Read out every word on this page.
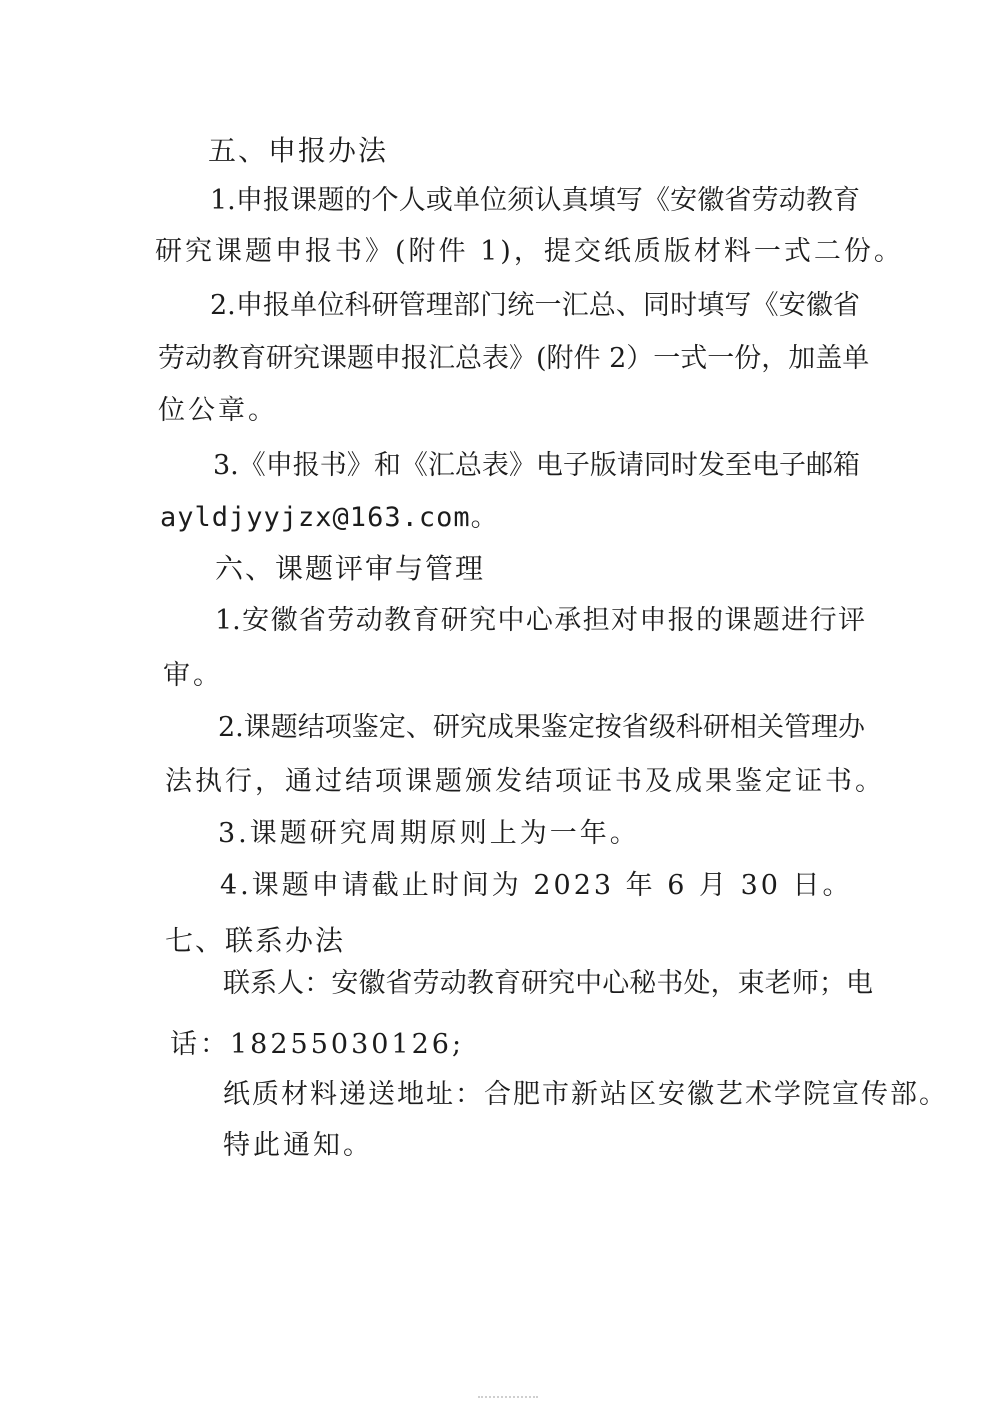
五、申报办法
1.申报课题的个人或单位须认真填写《安徽省劳动教育
研究课题申报书》(附件 1)，提交纸质版材料一式二份。
2.申报单位科研管理部门统一汇总、同时填写《安徽省
劳动教育研究课题申报汇总表》(附件 2）一式一份，加盖单
位公章。
3.《申报书》和《汇总表》电子版请同时发至电子邮箱
ayldjyyjzx@163.com。
六、课题评审与管理
1.安徽省劳动教育研究中心承担对申报的课题进行评
审。
2.课题结项鉴定、研究成果鉴定按省级科研相关管理办
法执行，通过结项课题颁发结项证书及成果鉴定证书。
3.课题研究周期原则上为一年。
4.课题申请截止时间为 2023 年 6 月 30 日。
七、联系办法
联系人：安徽省劳动教育研究中心秘书处，束老师；电
话：18255030126;
纸质材料递送地址：合肥市新站区安徽艺术学院宣传部。
特此通知。
